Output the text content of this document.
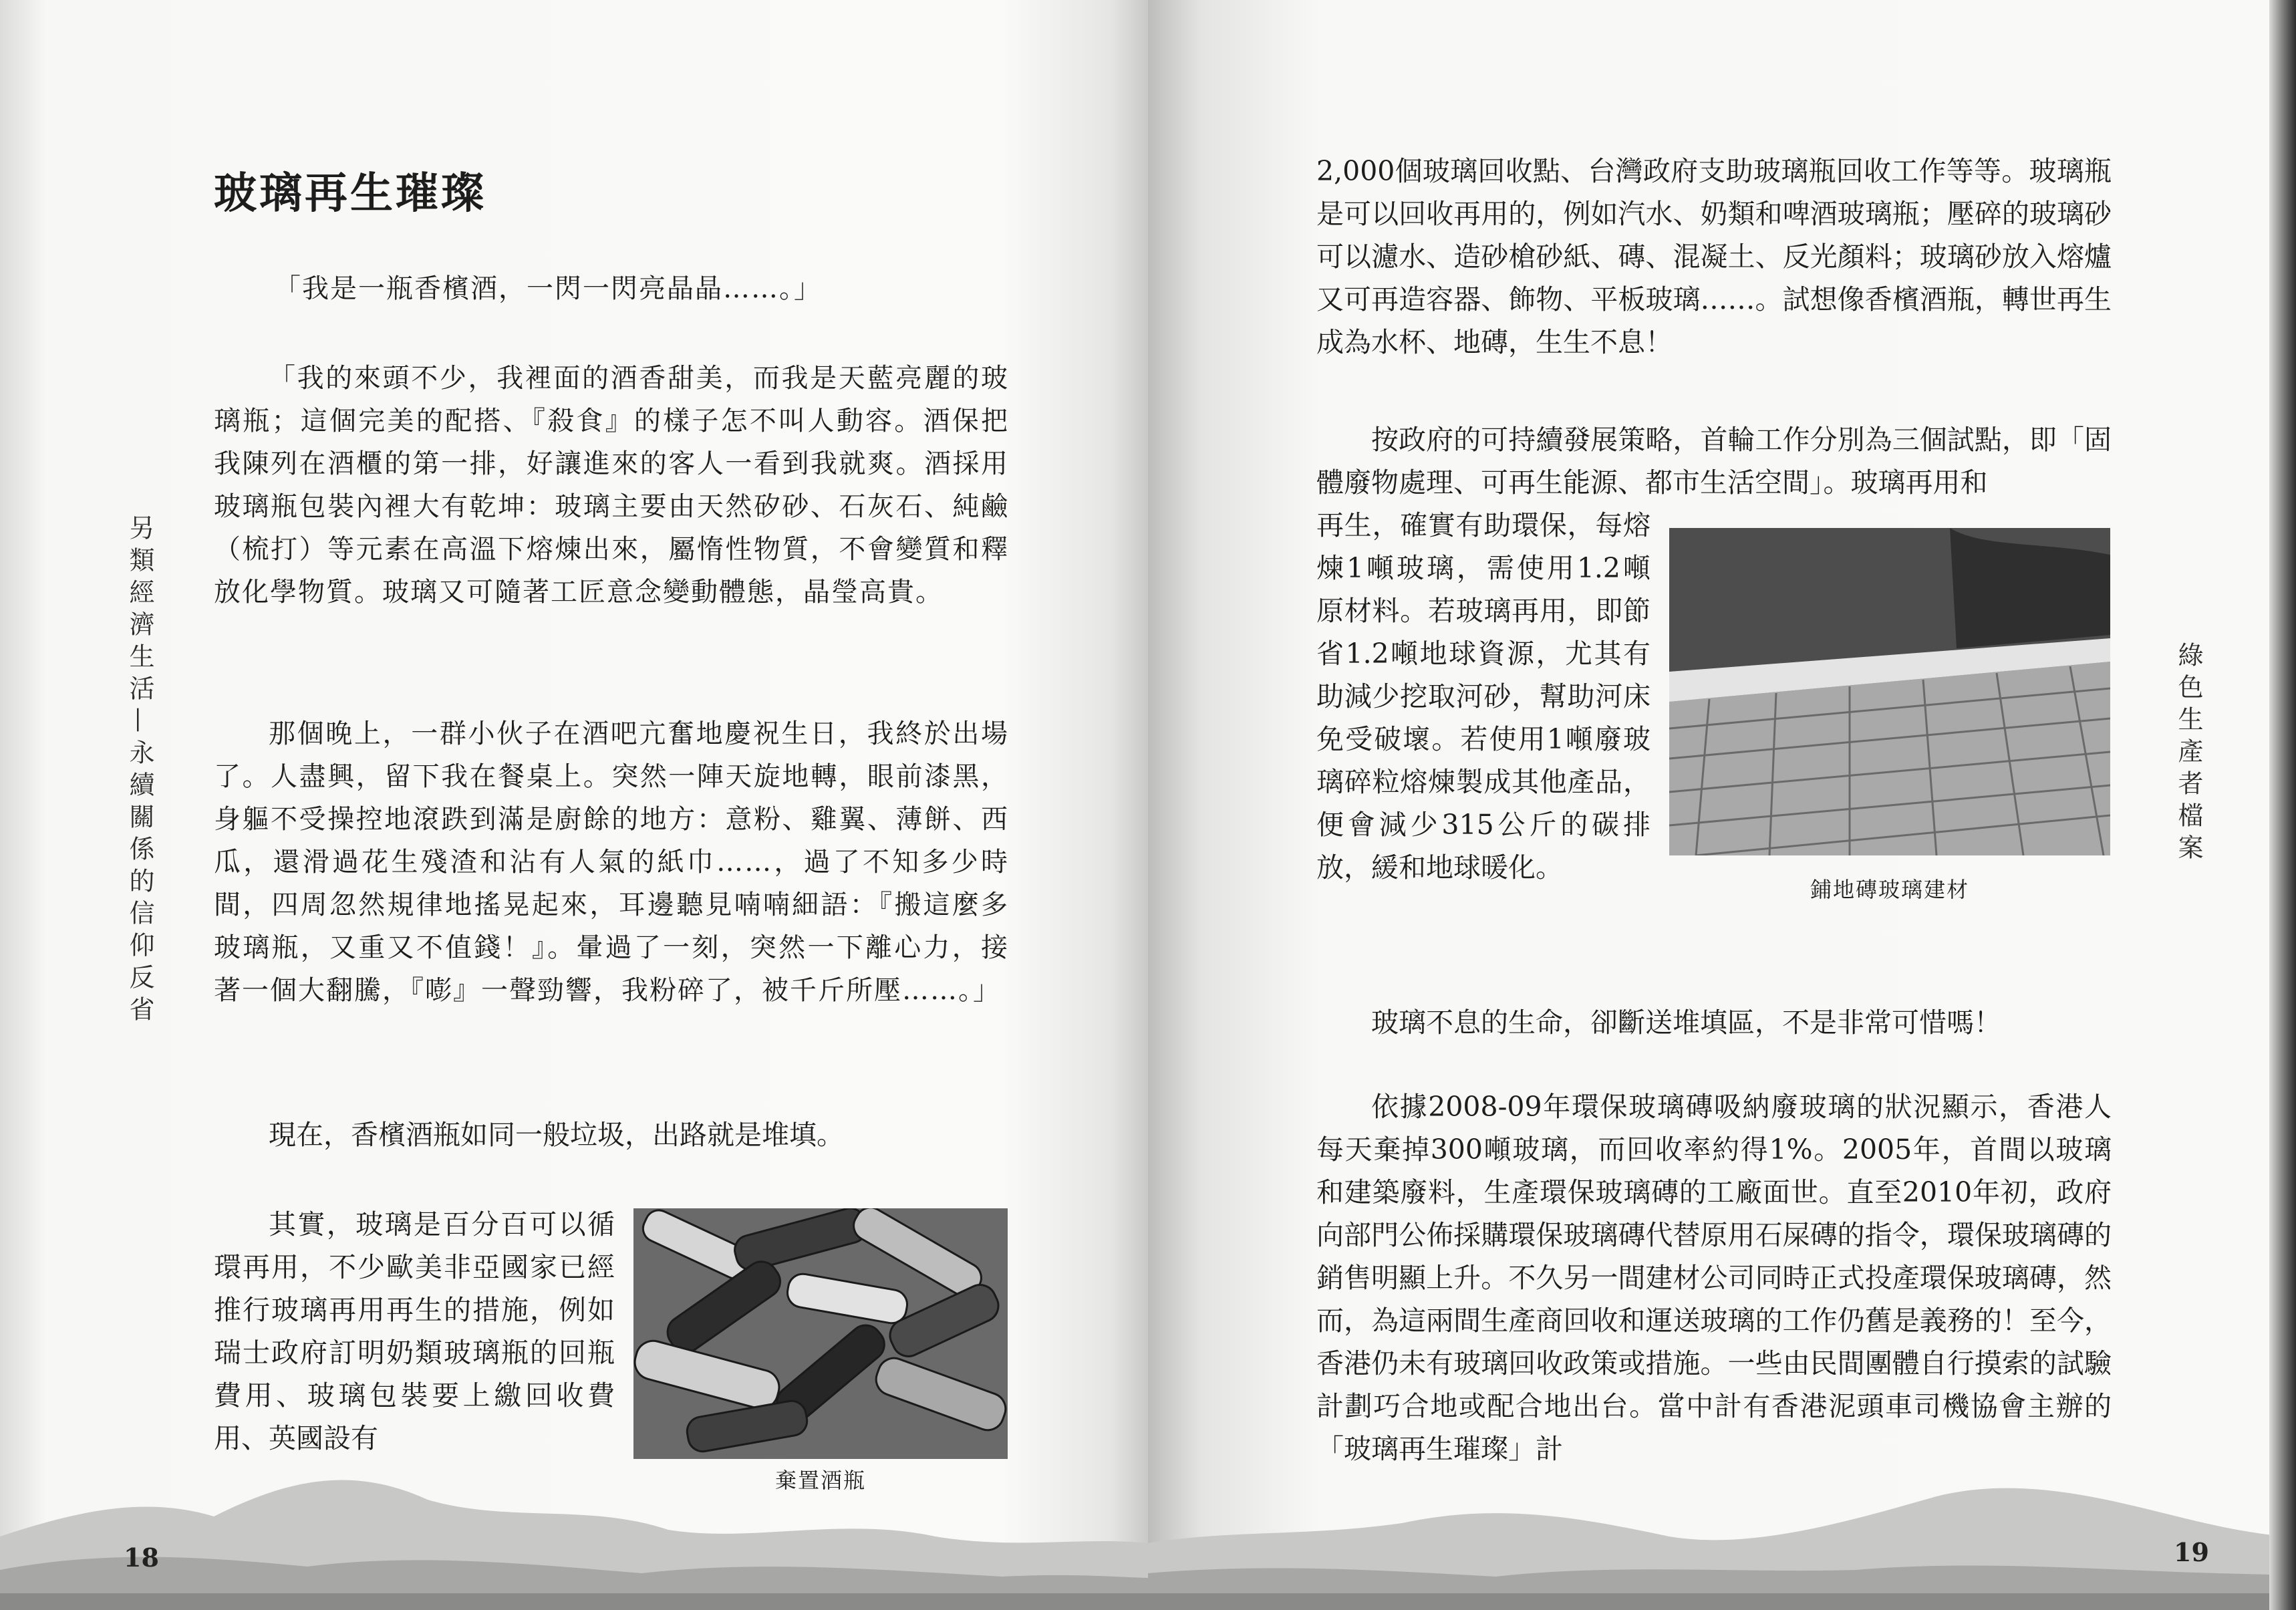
玻璃再生璀璨

「我是一瓶香檳酒，一閃一閃亮晶晶……。」

「我的來頭不少，我裡面的酒香甜美，而我是天藍亮麗的玻璃瓶；這個完美的配搭、『殺食』的樣子怎不叫人動容。酒保把我陳列在酒櫃的第一排，好讓進來的客人一看到我就爽。酒採用玻璃瓶包裝內裡大有乾坤：玻璃主要由天然矽砂、石灰石、純鹼（梳打）等元素在高溫下熔煉出來，屬惰性物質，不會變質和釋放化學物質。玻璃又可隨著工匠意念變動體態，晶瑩高貴。

那個晚上，一群小伙子在酒吧亢奮地慶祝生日，我終於出場了。人盡興，留下我在餐桌上。突然一陣天旋地轉，眼前漆黑，身軀不受操控地滾跌到滿是廚餘的地方：意粉、雞翼、薄餅、西瓜，還滑過花生殘渣和沾有人氣的紙巾……，過了不知多少時間，四周忽然規律地搖晃起來，耳邊聽見喃喃細語：『搬這麼多玻璃瓶，又重又不值錢！』。暈過了一刻，突然一下離心力，接著一個大翻騰，『嘭』一聲勁響，我粉碎了，被千斤所壓……。」

現在，香檳酒瓶如同一般垃圾，出路就是堆填。

其實，玻璃是百分百可以循環再用，不少歐美非亞國家已經推行玻璃再用再生的措施，例如瑞士政府訂明奶類玻璃瓶的回瓶費用、玻璃包裝要上繳回收費用、英國設有

棄置酒瓶
另類經濟生活—永續關係的信仰反省
18

2,000個玻璃回收點、台灣政府支助玻璃瓶回收工作等等。玻璃瓶是可以回收再用的，例如汽水、奶類和啤酒玻璃瓶；壓碎的玻璃砂可以濾水、造砂槍砂紙、磚、混凝土、反光顏料；玻璃砂放入熔爐又可再造容器、飾物、平板玻璃……。試想像香檳酒瓶，轉世再生成為水杯、地磚，生生不息！

按政府的可持續發展策略，首輪工作分別為三個試點，即「固體廢物處理、可再生能源、都市生活空間」。玻璃再用和

再生，確實有助環保，每熔煉1噸玻璃，需使用1.2噸原材料。若玻璃再用，即節省1.2噸地球資源，尤其有助減少挖取河砂，幫助河床免受破壞。若使用1噸廢玻璃碎粒熔煉製成其他產品，便會減少315公斤的碳排放，緩和地球暖化。

鋪地磚玻璃建材

玻璃不息的生命，卻斷送堆填區，不是非常可惜嗎！

依據2008-09年環保玻璃磚吸納廢玻璃的狀況顯示，香港人每天棄掉300噸玻璃，而回收率約得1%。2005年，首間以玻璃和建築廢料，生產環保玻璃磚的工廠面世。直至2010年初，政府向部門公佈採購環保玻璃磚代替原用石屎磚的指令，環保玻璃磚的銷售明顯上升。不久另一間建材公司同時正式投產環保玻璃磚，然而，為這兩間生產商回收和運送玻璃的工作仍舊是義務的！至今，香港仍未有玻璃回收政策或措施。一些由民間團體自行摸索的試驗計劃巧合地或配合地出台。當中計有香港泥頭車司機協會主辦的「玻璃再生璀璨」計

綠色生產者檔案
19
